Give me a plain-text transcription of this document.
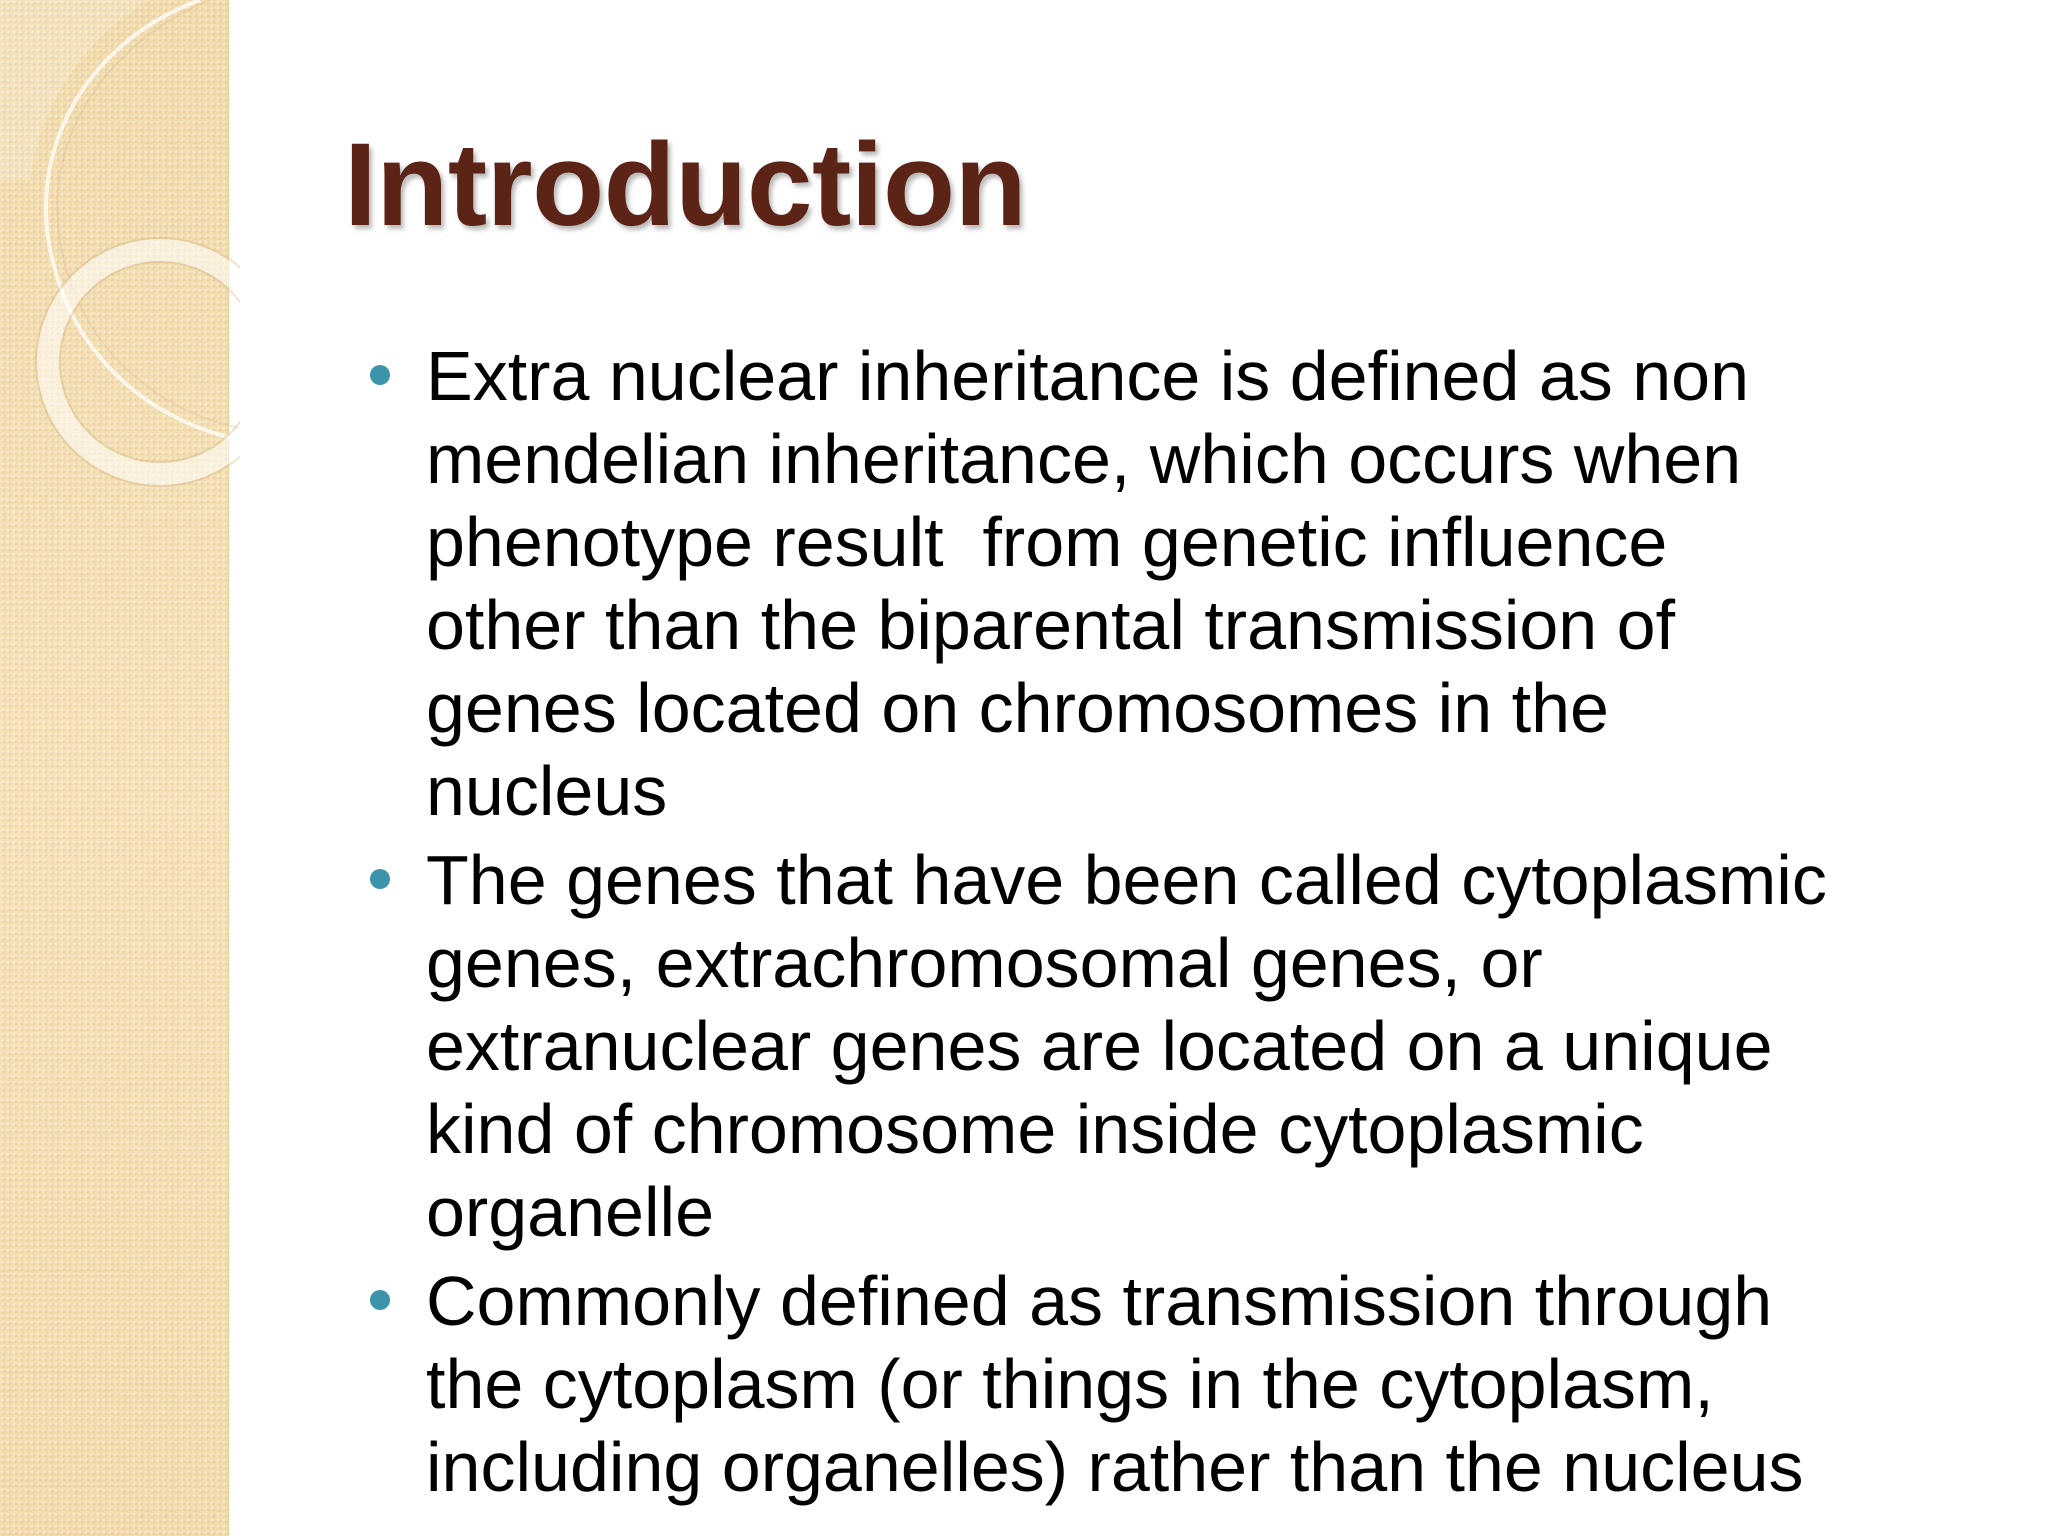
Introduction
Extra nuclear inheritance is defined as non
mendelian inheritance, which occurs when
phenotype result  from genetic influence
other than the biparental transmission of
genes located on chromosomes in the
nucleus
The genes that have been called cytoplasmic
genes, extrachromosomal genes, or
extranuclear genes are located on a unique
kind of chromosome inside cytoplasmic
organelle
Commonly defined as transmission through
the cytoplasm (or things in the cytoplasm,
including organelles) rather than the nucleus
